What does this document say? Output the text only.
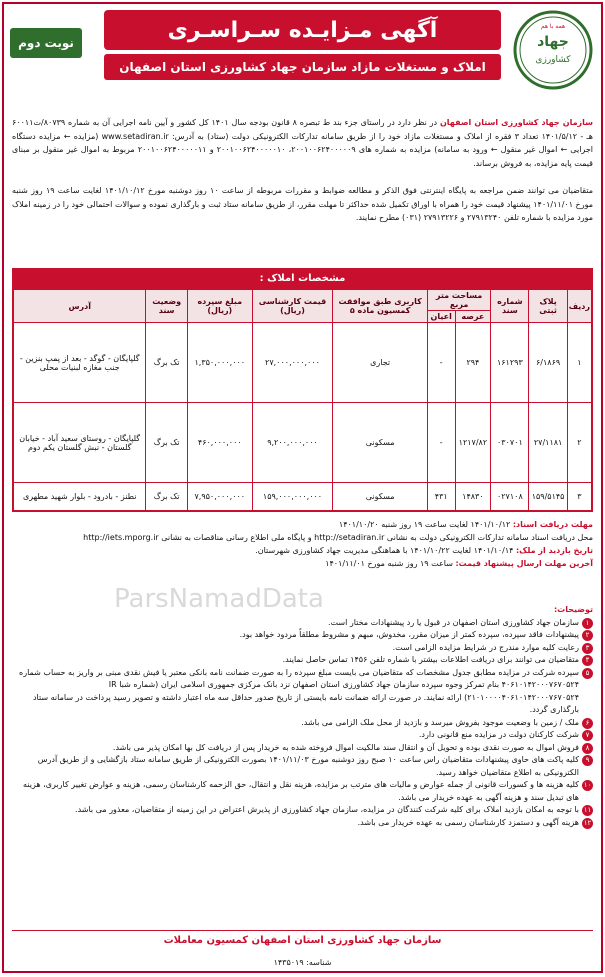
نوبت دوم	جهاد
کشاورزی
همه با هم
آگهی مـزایـده سـراسـری
املاک و مستغلات مازاد سازمان جهاد کشاورزی استان اصفهان
سازمان جهاد کشاورزی استان اصفهان در نظر دارد در راستای جزء بند ط تبصره ۸ قانون بودجه سال ۱۴۰۱ کل کشور و آیین نامه اجرایی آن به شماره ۸۰۷۳۹/ت۶۰۰۱۱ هـ - ۱۴۰۱/۵/۱۲ تعداد ۳ فقره از املاک و مستغلات مازاد خود را از طریق سامانه تدارکات الکترونیکی دولت (ستاد) به آدرس: www.setadiran.ir (مزایده ← مزایده دستگاه اجرایی ← اموال غیر منقول ← ورود به سامانه) مزایده به شماره های ۲۰۰۱۰۰۶۲۴۰۰۰۰۰۹، ۲۰۰۱۰۰۶۲۴۰۰۰۰۰۱۰ و ۲۰۰۱۰۰۶۲۴۰۰۰۰۰۱۱ مربوط به اموال غیر منقول بر مبنای قیمت پایه مزایده، به فروش برساند.
متقاضیان می توانند ضمن مراجعه به پایگاه اینترنتی فوق الذکر و مطالعه ضوابط و مقررات مربوطه از ساعت ۱۰ روز دوشنبه مورخ ۱۴۰۱/۱۰/۱۲ لغایت ساعت ۱۹ روز شنبه مورخ ۱۴۰۱/۱۱/۰۱ پیشنهاد قیمت خود را همراه با اوراق تکمیل شده حداکثر تا مهلت مقرر، از طریق سامانه ستاد ثبت و بارگذاری نموده و سوالات احتمالی خود را در زمینه املاک مورد مزایده با شماره تلفن ۲۷۹۱۳۲۴۰ و ۲۷۹۱۳۲۲۶ (۰۳۱) مطرح نمایند.
مشخصات املاک :
ردیف	پلاک ثبتی	شماره سند	مساحت متر مربع		کاربری طبق موافقت کمسیون ماده ۵	قیمت کارشناسی (ریال)	مبلغ سپرده (ریال)	وضعیت سند	آدرس
			عرصه	اعیان					
۱	۶/۱۸۶۹	۱۶۱۲۹۳	۲۹۴	-	تجاری	۲۷,۰۰۰,۰۰۰,۰۰۰	۱,۳۵۰,۰۰۰,۰۰۰	تک برگ	گلپایگان - گوگد - بعد از پمپ بنزین - جنب مغازه لبنیات محلی
۲	۲۷/۱۱۸۱	۰۳۰۷۰۱	۱۲۱۷/۸۲	-	مسکونی	۹,۲۰۰,۰۰۰,۰۰۰	۴۶۰,۰۰۰,۰۰۰	تک برگ	گلپایگان - روستای سعید آباد - خیابان گلستان - نبش گلستان یکم دوم
۳	۱۵۹/۵۱۴۵	۰۲۷۱۰۸	۱۴۸۳۰	۴۳۱	مسکونی	۱۵۹,۰۰۰,۰۰۰,۰۰۰	۷,۹۵۰,۰۰۰,۰۰۰	تک برگ	نطنز - بادرود - بلوار شهید مطهری
مهلت دریافت اسناد: ۱۴۰۱/۱۰/۱۲ لغایت ساعت ۱۹ روز شنبه ۱۴۰۱/۱۰/۲۰
محل دریافت اسناد سامانه تدارکات الکترونیکی دولت به نشانی http://setadiran.ir و پایگاه ملی اطلاع رسانی مناقصات به نشانی http://iets.mporg.ir
تاریخ بازدید از ملک: ۱۴۰۱/۱۰/۱۴ لغایت ۱۴۰۱/۱۰/۲۲ با هماهنگی مدیریت جهاد کشاورزی شهرستان.
آخرین مهلت ارسال پیشنهاد قیمت: ساعت ۱۹ روز شنبه مورخ ۱۴۰۱/۱۱/۰۱
ParsNamadData	توضیحات:
۱
سازمان جهاد کشاورزی استان اصفهان در قبول یا رد پیشنهادات مختار است.
۲
پیشنهادات فاقد سپرده، سپرده کمتر از میزان مقرر، مخدوش، مبهم و مشروط مطلقاً مردود خواهد بود.
۳
رعایت کلیه موارد مندرج در شرایط مزایده الزامی است.
۴
متقاضیان می توانند برای دریافت اطلاعات بیشتر با شماره تلفن ۱۴۵۶ تماس حاصل نمایند.
۵
سپرده شرکت در مزایده مطابق جدول مشخصات که متقاضیان می بایست مبلغ سپرده را به صورت ضمانت نامه بانکی معتبر یا فیش نقدی مبنی بر واریز به حساب شماره ۴۰۶۱۰۱۴۲۰۰۰۷۶۷۰۵۲۴ بنام تمرکز وجوه سپرده سازمان جهاد کشاورزی استان اصفهان نزد بانک مرکزی جمهوری اسلامی ایران (شماره شبا IR ۲۱۰۱۰۰۰۰۴۰۶۱۰۱۴۲۰۰۰۷۶۷۰۵۲۴) ارائه نمایند. در صورت ارائه ضمانت نامه بایستی از تاریخ صدور حداقل سه ماه اعتبار داشته و تصویر رسید پرداخت در سامانه ستاد بارگذاری گردد.
۶
ملک / زمین با وضعیت موجود بفروش میرسد و بازدید از محل ملک الزامی می باشد.
۷
شرکت کارکنان دولت در مزایده منع قانونی دارد.
۸
فروش اموال به صورت نقدی بوده و تحویل آن و انتقال سند مالکیت اموال فروخته شده به خریدار پس از دریافت کل بها امکان پذیر می باشد.
۹
کلیه پاکت های حاوی پیشنهادات متقاضیان راس ساعت ۱۰ صبح روز دوشنبه مورخ ۱۴۰۱/۱۱/۰۳ بصورت الکترونیکی از طریق سامانه ستاد بازگشایی و از طریق آدرس الکترونیکی به اطلاع متقاضیان خواهد رسید.
۱۰
کلیه هزینه ها و کسورات قانونی از جمله عوارض و مالیات های مترتب بر مزایده، هزینه نقل و انتقال، حق الزحمه کارشناسان رسمی، هزینه و عوارض تغییر کاربری، هزینه های تبدیل سند و هزینه آگهی به عهده خریدار می باشد.
۱۱
با توجه به امکان بازدید املاک برای کلیه شرکت کنندگان در مزایده، سازمان جهاد کشاورزی از پذیرش اعتراض در این زمینه از متقاضیان، معذور می باشد.
۱۲
هزینه آگهی و دستمزد کارشناسان رسمی به عهده خریدار می باشد.
سازمان جهاد کشاورزی استان اصفهان کمسیون معاملات
شناسه: ۱۴۳۵۰۱۹
